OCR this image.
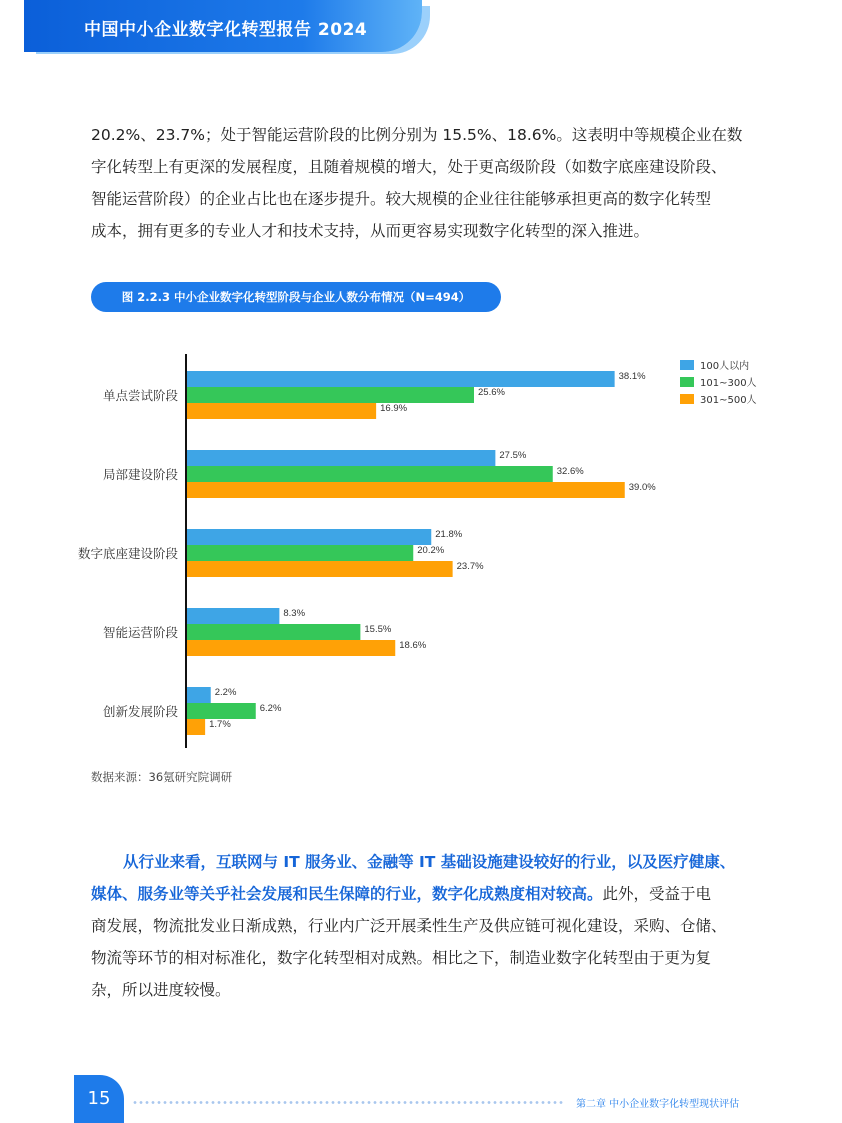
中国中小企业数字化转型报告 2024
20.2%、23.7%；处于智能运营阶段的比例分别为 15.5%、18.6%。这表明中等规模企业在数
字化转型上有更深的发展程度，且随着规模的增大，处于更高级阶段（如数字底座建设阶段、
智能运营阶段）的企业占比也在逐步提升。较大规模的企业往往能够承担更高的数字化转型
成本，拥有更多的专业人才和技术支持，从而更容易实现数字化转型的深入推进。
图 2.2.3 中小企业数字化转型阶段与企业人数分布情况（N=494）
38.1%
25.6%
16.9%
单点尝试阶段
27.5%
32.6%
39.0%
局部建设阶段
21.8%
20.2%
23.7%
数字底座建设阶段
8.3%
15.5%
18.6%
智能运营阶段
2.2%
6.2%
1.7%
创新发展阶段
100人以内
101~300人
301~500人
数据来源：36氪研究院调研
从行业来看，互联网与 IT 服务业、金融等 IT 基础设施建设较好的行业，以及医疗健康、
媒体、服务业等关乎社会发展和民生保障的行业，数字化成熟度相对较高。此外，受益于电
商发展，物流批发业日渐成熟，行业内广泛开展柔性生产及供应链可视化建设，采购、仓储、
物流等环节的相对标准化，数字化转型相对成熟。相比之下，制造业数字化转型由于更为复
杂，所以进度较慢。
15	第二章 中小企业数字化转型现状评估
